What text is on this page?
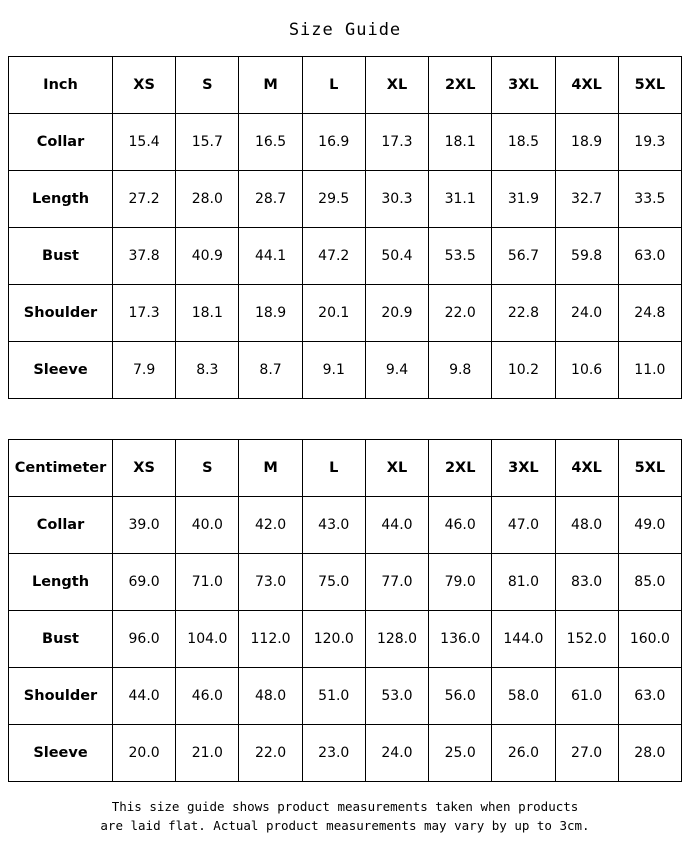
Size Guide
Inch	XS	S	M	L	XL	2XL	3XL	4XL	5XL
Collar	15.4	15.7	16.5	16.9	17.3	18.1	18.5	18.9	19.3
Length	27.2	28.0	28.7	29.5	30.3	31.1	31.9	32.7	33.5
Bust	37.8	40.9	44.1	47.2	50.4	53.5	56.7	59.8	63.0
Shoulder	17.3	18.1	18.9	20.1	20.9	22.0	22.8	24.0	24.8
Sleeve	7.9	8.3	8.7	9.1	9.4	9.8	10.2	10.6	11.0
Centimeter	XS	S	M	L	XL	2XL	3XL	4XL	5XL
Collar	39.0	40.0	42.0	43.0	44.0	46.0	47.0	48.0	49.0
Length	69.0	71.0	73.0	75.0	77.0	79.0	81.0	83.0	85.0
Bust	96.0	104.0	112.0	120.0	128.0	136.0	144.0	152.0	160.0
Shoulder	44.0	46.0	48.0	51.0	53.0	56.0	58.0	61.0	63.0
Sleeve	20.0	21.0	22.0	23.0	24.0	25.0	26.0	27.0	28.0
This size guide shows product measurements taken when products
are laid flat. Actual product measurements may vary by up to 3cm.
